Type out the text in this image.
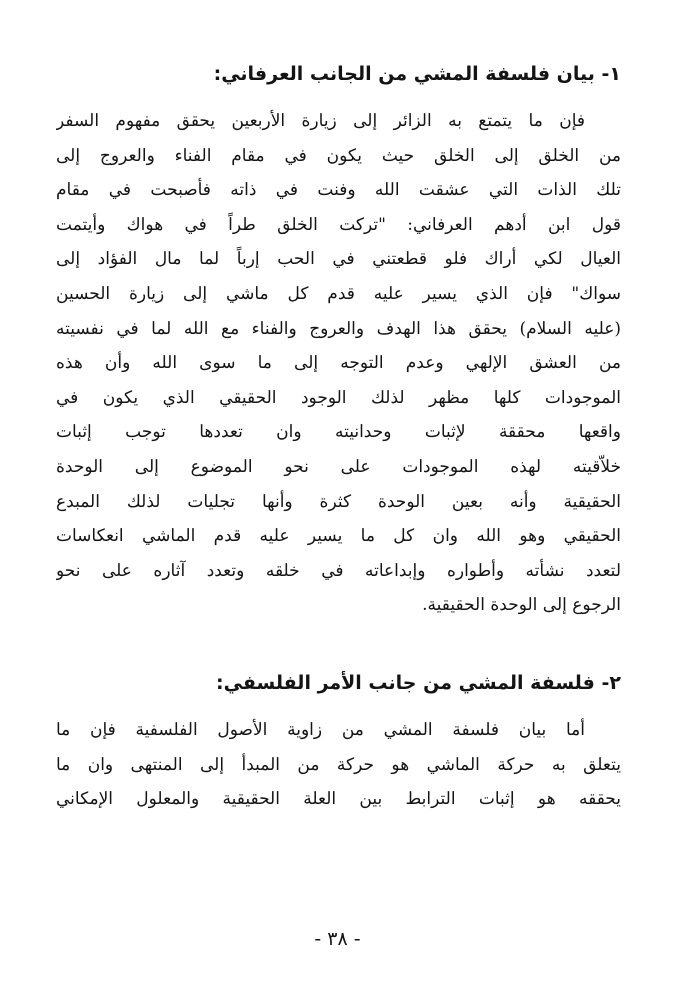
١- بيان فلسفة المشي من الجانب العرفاني:
فإن ما يتمتع به الزائر إلى زيارة الأربعين يحقق مفهوم السفر
من الخلق إلى الخلق حيث يكون في مقام الفناء والعروج إلى
تلك الذات التي عشقت الله وفنت في ذاته فأصبحت في مقام
قول ابن أدهم العرفاني: "تركت الخلق طراً في هواك وأيتمت
العيال لكي أراك فلو قطعتني في الحب إرباً لما مال الفؤاد إلى
سواك" فإن الذي يسير عليه قدم كل ماشي إلى زيارة الحسين
(عليه السلام) يحقق هذا الهدف والعروج والفناء مع الله لما في نفسيته
من العشق الإلهي وعدم التوجه إلى ما سوى الله وأن هذه
الموجودات كلها مظهر لذلك الوجود الحقيقي الذي يكون في
واقعها محققة لإثبات وحدانيته وان تعددها توجب إثبات
خلاّقيته لهذه الموجودات على نحو الموضوع إلى الوحدة
الحقيقية وأنه بعين الوحدة كثرة وأنها تجليات لذلك المبدع
الحقيقي وهو الله وان كل ما يسير عليه قدم الماشي انعكاسات
لتعدد نشأته وأطواره وإبداعاته في خلقه وتعدد آثاره على نحو
الرجوع إلى الوحدة الحقيقية.
٢- فلسفة المشي من جانب الأمر الفلسفي:
أما بيان فلسفة المشي من زاوية الأصول الفلسفية فإن ما
يتعلق به حركة الماشي هو حركة من المبدأ إلى المنتهى وان ما
يحققه هو إثبات الترابط بين العلة الحقيقية والمعلول الإمكاني
- ٣٨ -
